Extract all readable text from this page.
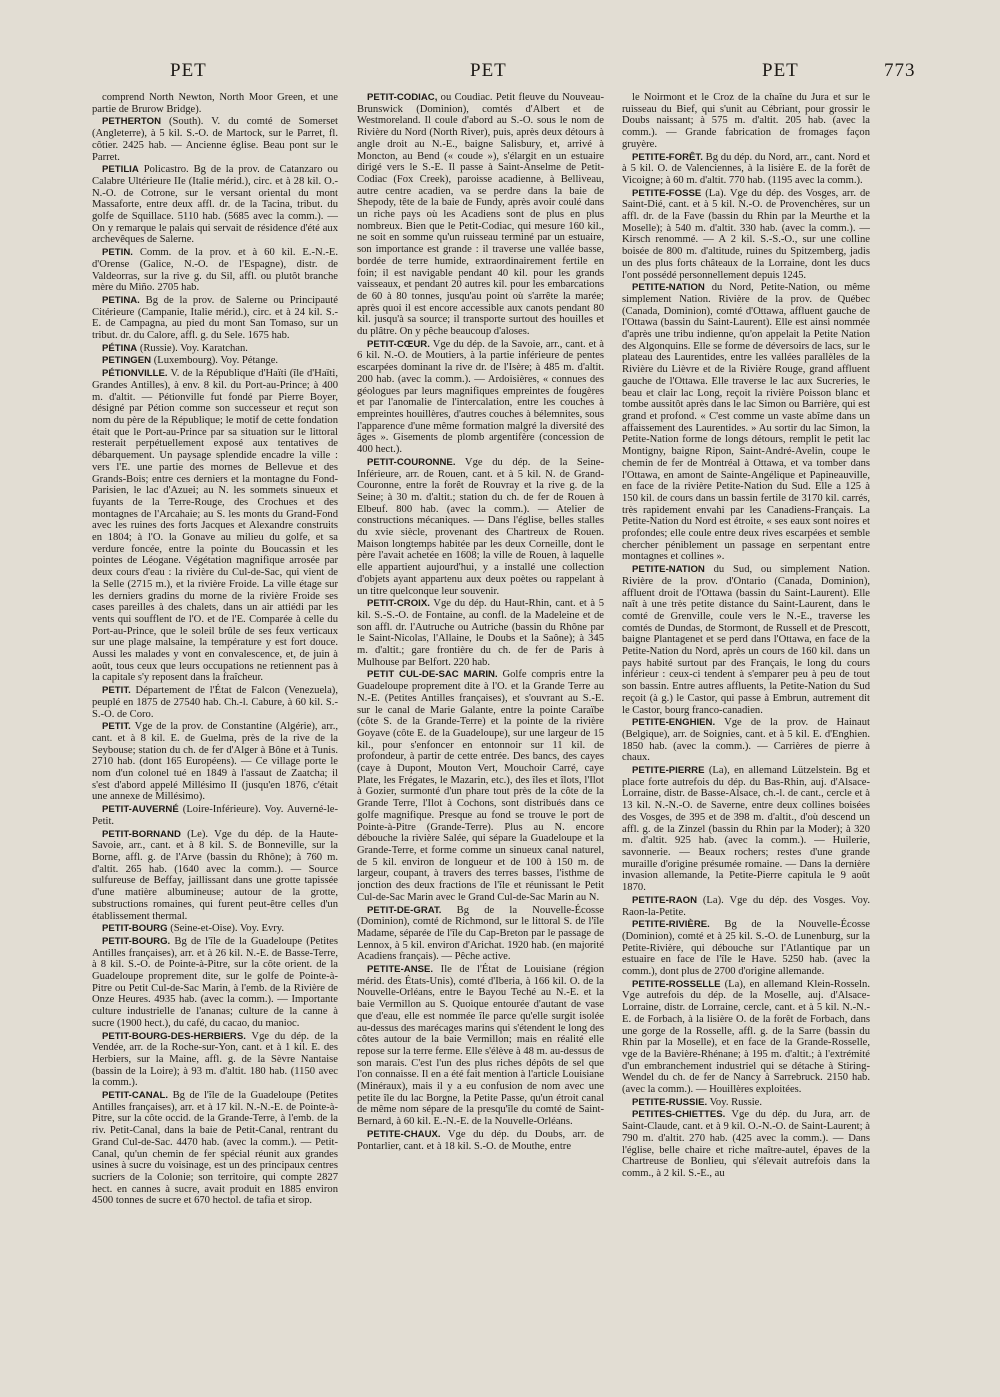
PET	PET	PET	773

comprend North Newton, North Moor Green, et une partie de Brurow Bridge).

PETHERTON (South). V. du comté de Somerset (Angleterre), à 5 kil. S.-O. de Martock, sur le Parret, fl. côtier. 2425 hab. — Ancienne église. Beau pont sur le Parret.

PETILIA Policastro. Bg de la prov. de Catanzaro ou Calabre Ultérieure IIe (Italie mérid.), circ. et à 28 kil. O.-N.-O. de Cotrone, sur le versant oriental du mont Massaforte, entre deux affl. dr. de la Tacina, tribut. du golfe de Squillace. 5110 hab. (5685 avec la comm.). — On y remarque le palais qui servait de résidence d'été aux archevêques de Salerne.

PETIN. Comm. de la prov. et à 60 kil. E.-N.-E. d'Orense (Galice, N.-O. de l'Espagne), distr. de Valdeorras, sur la rive g. du Sil, affl. ou plutôt branche mère du Miño. 2705 hab.

PETINA. Bg de la prov. de Salerne ou Principauté Citérieure (Campanie, Italie mérid.), circ. et à 24 kil. S.-E. de Campagna, au pied du mont San Tomaso, sur un tribut. dr. du Calore, affl. g. du Sele. 1675 hab.

PÉTINA (Russie). Voy. Karatchan.

PETINGEN (Luxembourg). Voy. Pétange.

PÉTIONVILLE. V. de la République d'Haïti (île d'Haïti, Grandes Antilles), à env. 8 kil. du Port-au-Prince; à 400 m. d'altit. — Pétionville fut fondé par Pierre Boyer, désigné par Pétion comme son successeur et reçut son nom du père de la République; le motif de cette fondation était que le Port-au-Prince par sa situation sur le littoral resterait perpétuellement exposé aux tentatives de débarquement. Un paysage splendide encadre la ville : vers l'E. une partie des mornes de Bellevue et des Grands-Bois; entre ces derniers et la montagne du Fond-Parisien, le lac d'Azuei; au N. les sommets sinueux et fuyants de la Terre-Rouge, des Crochues et des montagnes de l'Arcahaie; au S. les monts du Grand-Fond avec les ruines des forts Jacques et Alexandre construits en 1804; à l'O. la Gonave au milieu du golfe, et sa verdure foncée, entre la pointe du Boucassin et les pointes de Léogane. Végétation magnifique arrosée par deux cours d'eau : la rivière du Cul-de-Sac, qui vient de la Selle (2715 m.), et la rivière Froide. La ville étage sur les derniers gradins du morne de la rivière Froide ses cases pareilles à des chalets, dans un air attiédi par les vents qui soufflent de l'O. et de l'E. Comparée à celle du Port-au-Prince, que le soleil brûle de ses feux verticaux sur une plage malsaine, la température y est fort douce. Aussi les malades y vont en convalescence, et, de juin à août, tous ceux que leurs occupations ne retiennent pas à la capitale s'y reposent dans la fraîcheur.

PETIT. Département de l'État de Falcon (Venezuela), peuplé en 1875 de 27540 hab. Ch.-l. Cabure, à 60 kil. S.-S.-O. de Coro.

PETIT. Vge de la prov. de Constantine (Algérie), arr., cant. et à 8 kil. E. de Guelma, près de la rive de la Seybouse; station du ch. de fer d'Alger à Bône et à Tunis. 2710 hab. (dont 165 Européens). — Ce village porte le nom d'un colonel tué en 1849 à l'assaut de Zaatcha; il s'est d'abord appelé Millésimo II (jusqu'en 1876, c'était une annexe de Millésimo).

PETIT-AUVERNÉ (Loire-Inférieure). Voy. Auverné-le-Petit.

PETIT-BORNAND (Le). Vge du dép. de la Haute-Savoie, arr., cant. et à 8 kil. S. de Bonneville, sur la Borne, affl. g. de l'Arve (bassin du Rhône); à 760 m. d'altit. 265 hab. (1640 avec la comm.). — Source sulfureuse de Beffay, jaillissant dans une grotte tapissée d'une matière albumineuse; autour de la grotte, substructions romaines, qui furent peut-être celles d'un établissement thermal.

PETIT-BOURG (Seine-et-Oise). Voy. Evry.

PETIT-BOURG. Bg de l'île de la Guadeloupe (Petites Antilles françaises), arr. et à 26 kil. N.-E. de Basse-Terre, à 8 kil. S.-O. de Pointe-à-Pitre, sur la côte orient. de la Guadeloupe proprement dite, sur le golfe de Pointe-à-Pitre ou Petit Cul-de-Sac Marin, à l'emb. de la Rivière de Onze Heures. 4935 hab. (avec la comm.). — Importante culture industrielle de l'ananas; culture de la canne à sucre (1900 hect.), du café, du cacao, du manioc.

PETIT-BOURG-DES-HERBIERS. Vge du dép. de la Vendée, arr. de la Roche-sur-Yon, cant. et à 1 kil. E. des Herbiers, sur la Maine, affl. g. de la Sèvre Nantaise (bassin de la Loire); à 93 m. d'altit. 180 hab. (1150 avec la comm.).

PETIT-CANAL. Bg de l'île de la Guadeloupe (Petites Antilles françaises), arr. et à 17 kil. N.-N.-E. de Pointe-à-Pitre, sur la côte occid. de la Grande-Terre, à l'emb. de la riv. Petit-Canal, dans la baie de Petit-Canal, rentrant du Grand Cul-de-Sac. 4470 hab. (avec la comm.). — Petit-Canal, qu'un chemin de fer spécial réunit aux grandes usines à sucre du voisinage, est un des principaux centres sucriers de la Colonie; son territoire, qui compte 2827 hect. en cannes à sucre, avait produit en 1885 environ 4500 tonnes de sucre et 670 hectol. de tafia et sirop.

PETIT-CODIAC, ou Coudiac. Petit fleuve du Nouveau-Brunswick (Dominion), comtés d'Albert et de Westmoreland. Il coule d'abord au S.-O. sous le nom de Rivière du Nord (North River), puis, après deux détours à angle droit au N.-E., baigne Salisbury, et, arrivé à Moncton, au Bend (« coude »), s'élargit en un estuaire dirigé vers le S.-E. Il passe à Saint-Anselme de Petit-Codiac (Fox Creek), paroisse acadienne, à Belliveau, autre centre acadien, va se perdre dans la baie de Shepody, tête de la baie de Fundy, après avoir coulé dans un riche pays où les Acadiens sont de plus en plus nombreux. Bien que le Petit-Codiac, qui mesure 160 kil., ne soit en somme qu'un ruisseau terminé par un estuaire, son importance est grande : il traverse une vallée basse, bordée de terre humide, extraordinairement fertile en foin; il est navigable pendant 40 kil. pour les grands vaisseaux, et pendant 20 autres kil. pour les embarcations de 60 à 80 tonnes, jusqu'au point où s'arrête la marée; après quoi il est encore accessible aux canots pendant 80 kil. jusqu'à sa source; il transporte surtout des houilles et du plâtre. On y pêche beaucoup d'aloses.

PETIT-CŒUR. Vge du dép. de la Savoie, arr., cant. et à 6 kil. N.-O. de Moutiers, à la partie inférieure de pentes escarpées dominant la rive dr. de l'Isère; à 485 m. d'altit. 200 hab. (avec la comm.). — Ardoisières, « connues des géologues par leurs magnifiques empreintes de fougères et par l'anomalie de l'intercalation, entre les couches à empreintes houillères, d'autres couches à bélemnites, sous l'apparence d'une même formation malgré la diversité des âges ». Gisements de plomb argentifère (concession de 400 hect.).

PETIT-COURONNE. Vge du dép. de la Seine-Inférieure, arr. de Rouen, cant. et à 5 kil. N. de Grand-Couronne, entre la forêt de Rouvray et la rive g. de la Seine; à 30 m. d'altit.; station du ch. de fer de Rouen à Elbeuf. 800 hab. (avec la comm.). — Atelier de constructions mécaniques. — Dans l'église, belles stalles du xvie siècle, provenant des Chartreux de Rouen. Maison longtemps habitée par les deux Corneille, dont le père l'avait achetée en 1608; la ville de Rouen, à laquelle elle appartient aujourd'hui, y a installé une collection d'objets ayant appartenu aux deux poètes ou rappelant à un titre quelconque leur souvenir.

PETIT-CROIX. Vge du dép. du Haut-Rhin, cant. et à 5 kil. S.-S.-O. de Fontaine, au confl. de la Madeleine et de son affl. dr. l'Autruche ou Autriche (bassin du Rhône par le Saint-Nicolas, l'Allaine, le Doubs et la Saône); à 345 m. d'altit.; gare frontière du ch. de fer de Paris à Mulhouse par Belfort. 220 hab.

PETIT CUL-DE-SAC MARIN. Golfe compris entre la Guadeloupe proprement dite à l'O. et la Grande Terre au N.-E. (Petites Antilles françaises), et s'ouvrant au S.-E. sur le canal de Marie Galante, entre la pointe Caraïbe (côte S. de la Grande-Terre) et la pointe de la rivière Goyave (côte E. de la Guadeloupe), sur une largeur de 15 kil., pour s'enfoncer en entonnoir sur 11 kil. de profondeur, à partir de cette entrée. Des bancs, des cayes (caye à Dupont, Mouton Vert, Mouchoir Carré, caye Plate, les Frégates, le Mazarin, etc.), des îles et îlots, l'Ilot à Gozier, surmonté d'un phare tout près de la côte de la Grande Terre, l'Ilot à Cochons, sont distribués dans ce golfe magnifique. Presque au fond se trouve le port de Pointe-à-Pitre (Grande-Terre). Plus au N. encore débouche la rivière Salée, qui sépare la Guadeloupe et la Grande-Terre, et forme comme un sinueux canal naturel, de 5 kil. environ de longueur et de 100 à 150 m. de largeur, coupant, à travers des terres basses, l'isthme de jonction des deux fractions de l'île et réunissant le Petit Cul-de-Sac Marin avec le Grand Cul-de-Sac Marin au N.

PETIT-DE-GRAT. Bg de la Nouvelle-Écosse (Dominion), comté de Richmond, sur le littoral S. de l'île Madame, séparée de l'île du Cap-Breton par le passage de Lennox, à 5 kil. environ d'Arichat. 1920 hab. (en majorité Acadiens français). — Pêche active.

PETITE-ANSE. Ile de l'État de Louisiane (région mérid. des États-Unis), comté d'Iberia, à 166 kil. O. de la Nouvelle-Orléans, entre le Bayou Teché au N.-E. et la baie Vermillon au S. Quoique entourée d'autant de vase que d'eau, elle est nommée île parce qu'elle surgit isolée au-dessus des marécages marins qui s'étendent le long des côtes autour de la baie Vermillon; mais en réalité elle repose sur la terre ferme. Elle s'élève à 48 m. au-dessus de son marais. C'est l'un des plus riches dépôts de sel que l'on connaisse. Il en a été fait mention à l'article Louisiane (Minéraux), mais il y a eu confusion de nom avec une petite île du lac Borgne, la Petite Passe, qu'un étroit canal de même nom sépare de la presqu'île du comté de Saint-Bernard, à 60 kil. E.-N.-E. de la Nouvelle-Orléans.

PETITE-CHAUX. Vge du dép. du Doubs, arr. de Pontarlier, cant. et à 18 kil. S.-O. de Mouthe, entre

le Noirmont et le Croz de la chaîne du Jura et sur le ruisseau du Bief, qui s'unit au Cébriant, pour grossir le Doubs naissant; à 575 m. d'altit. 205 hab. (avec la comm.). — Grande fabrication de fromages façon gruyère.

PETITE-FORÊT. Bg du dép. du Nord, arr., cant. Nord et à 5 kil. O. de Valenciennes, à la lisière E. de la forêt de Vicoigne; à 60 m. d'altit. 770 hab. (1195 avec la comm.).

PETITE-FOSSE (La). Vge du dép. des Vosges, arr. de Saint-Dié, cant. et à 5 kil. N.-O. de Provenchères, sur un affl. dr. de la Fave (bassin du Rhin par la Meurthe et la Moselle); à 540 m. d'altit. 330 hab. (avec la comm.). — Kirsch renommé. — A 2 kil. S.-S.-O., sur une colline boisée de 800 m. d'altitude, ruines du Spitzemberg, jadis un des plus forts châteaux de la Lorraine, dont les ducs l'ont possédé personnellement depuis 1245.

PETITE-NATION du Nord, Petite-Nation, ou même simplement Nation. Rivière de la prov. de Québec (Canada, Dominion), comté d'Ottawa, affluent gauche de l'Ottawa (bassin du Saint-Laurent). Elle est ainsi nommée d'après une tribu indienne, qu'on appelait la Petite Nation des Algonquins. Elle se forme de déversoirs de lacs, sur le plateau des Laurentides, entre les vallées parallèles de la Rivière du Lièvre et de la Rivière Rouge, grand affluent gauche de l'Ottawa. Elle traverse le lac aux Sucreries, le beau et clair lac Long, reçoit la rivière Poisson blanc et tombe aussitôt après dans le lac Simon ou Barrière, qui est grand et profond. « C'est comme un vaste abîme dans un affaissement des Laurentides. » Au sortir du lac Simon, la Petite-Nation forme de longs détours, remplit le petit lac Montigny, baigne Ripon, Saint-André-Avelin, coupe le chemin de fer de Montréal à Ottawa, et va tomber dans l'Ottawa, en amont de Sainte-Angélique et Papineauville, en face de la rivière Petite-Nation du Sud. Elle a 125 à 150 kil. de cours dans un bassin fertile de 3170 kil. carrés, très rapidement envahi par les Canadiens-Français. La Petite-Nation du Nord est étroite, « ses eaux sont noires et profondes; elle coule entre deux rives escarpées et semble chercher péniblement un passage en serpentant entre montagnes et collines ».

PETITE-NATION du Sud, ou simplement Nation. Rivière de la prov. d'Ontario (Canada, Dominion), affluent droit de l'Ottawa (bassin du Saint-Laurent). Elle naît à une très petite distance du Saint-Laurent, dans le comté de Grenville, coule vers le N.-E., traverse les comtés de Dundas, de Stormont, de Russell et de Prescott, baigne Plantagenet et se perd dans l'Ottawa, en face de la Petite-Nation du Nord, après un cours de 160 kil. dans un pays habité surtout par des Français, le long du cours inférieur : ceux-ci tendent à s'emparer peu à peu de tout son bassin. Entre autres affluents, la Petite-Nation du Sud reçoit (à g.) le Castor, qui passe à Embrun, autrement dit le Castor, bourg franco-canadien.

PETITE-ENGHIEN. Vge de la prov. de Hainaut (Belgique), arr. de Soignies, cant. et à 5 kil. E. d'Enghien. 1850 hab. (avec la comm.). — Carrières de pierre à chaux.

PETITE-PIERRE (La), en allemand Lützelstein. Bg et place forte autrefois du dép. du Bas-Rhin, auj. d'Alsace-Lorraine, distr. de Basse-Alsace, ch.-l. de cant., cercle et à 13 kil. N.-N.-O. de Saverne, entre deux collines boisées des Vosges, de 395 et de 398 m. d'altit., d'où descend un affl. g. de la Zinzel (bassin du Rhin par la Moder); à 320 m. d'altit. 925 hab. (avec la comm.). — Huilerie, savonnerie. — Beaux rochers; restes d'une grande muraille d'origine présumée romaine. — Dans la dernière invasion allemande, la Petite-Pierre capitula le 9 août 1870.

PETITE-RAON (La). Vge du dép. des Vosges. Voy. Raon-la-Petite.

PETITE-RIVIÈRE. Bg de la Nouvelle-Écosse (Dominion), comté et à 25 kil. S.-O. de Lunenburg, sur la Petite-Rivière, qui débouche sur l'Atlantique par un estuaire en face de l'île le Have. 5250 hab. (avec la comm.), dont plus de 2700 d'origine allemande.

PETITE-ROSSELLE (La), en allemand Klein-Rosseln. Vge autrefois du dép. de la Moselle, auj. d'Alsace-Lorraine, distr. de Lorraine, cercle, cant. et à 5 kil. N.-N.-E. de Forbach, à la lisière O. de la forêt de Forbach, dans une gorge de la Rosselle, affl. g. de la Sarre (bassin du Rhin par la Moselle), et en face de la Grande-Rosselle, vge de la Bavière-Rhénane; à 195 m. d'altit.; à l'extrémité d'un embranchement industriel qui se détache à Stiring-Wendel du ch. de fer de Nancy à Sarrebruck. 2150 hab. (avec la comm.). — Houillères exploitées.

PETITE-RUSSIE. Voy. Russie.

PETITES-CHIETTES. Vge du dép. du Jura, arr. de Saint-Claude, cant. et à 9 kil. O.-N.-O. de Saint-Laurent; à 790 m. d'altit. 270 hab. (425 avec la comm.). — Dans l'église, belle chaire et riche maître-autel, épaves de la Chartreuse de Bonlieu, qui s'élevait autrefois dans la comm., à 2 kil. S.-E., au
